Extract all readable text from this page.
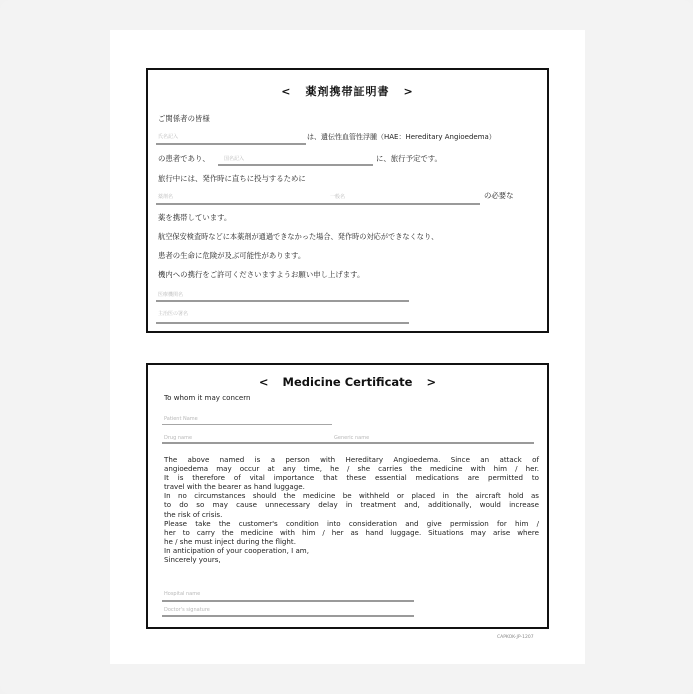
< 薬剤携帯証明書 >
ご関係者の皆様
氏名記入	は、遺伝性血管性浮腫（HAE：Hereditary Angioedema）
の患者であり、	国名記入	に、旅行予定です。
旅行中には、発作時に直ちに投与するために
薬剤名	一般名	の必要な
薬を携帯しています。
航空保安検査時などに本薬剤が通過できなかった場合、発作時の対応ができなくなり、
患者の生命に危険が及ぶ可能性があります。
機内への携行をご許可くださいますようお願い申し上げます。
医療機関名
主治医の署名
< Medicine Certificate >
To whom it may concern
Patient Name
Drug name	Generic name
The above named is a person with Hereditary Angioedema. Since an attack of
angioedema may occur at any time, he / she carries the medicine with him / her.
It is therefore of vital importance that these essential medications are permitted to
travel with the bearer as hand luggage.
In no circumstances should the medicine be withheld or placed in the aircraft hold as
to do so may cause unnecessary delay in treatment and, additionally, would increase
the risk of crisis.
Please take the customer's condition into consideration and give permission for him /
her to carry the medicine with him / her as hand luggage. Situations may arise where
he / she must inject during the flight.
In anticipation of your cooperation, I am,
Sincerely yours,
Hospital name
Doctor's signature
CAPKOK-JP-1207
